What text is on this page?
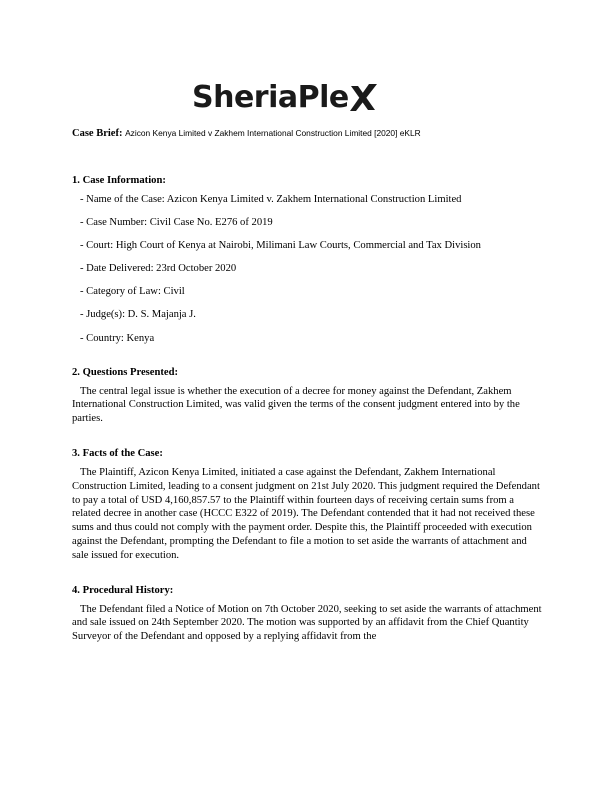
SheriaPle
Case Brief: Azicon Kenya Limited v Zakhem International Construction Limited [2020] eKLR
1. Case Information:
- Name of the Case: Azicon Kenya Limited v. Zakhem International Construction Limited
- Case Number: Civil Case No. E276 of 2019
- Court: High Court of Kenya at Nairobi, Milimani Law Courts, Commercial and Tax Division
- Date Delivered: 23rd October 2020
- Category of Law: Civil
- Judge(s): D. S. Majanja J.
- Country: Kenya
2. Questions Presented:

The central legal issue is whether the execution of a decree for money against the Defendant, Zakhem International Construction Limited, was valid given the terms of the consent judgment entered into by the parties.

3. Facts of the Case:

The Plaintiff, Azicon Kenya Limited, initiated a case against the Defendant, Zakhem International Construction Limited, leading to a consent judgment on 21st July 2020. This judgment required the Defendant to pay a total of USD 4,160,857.57 to the Plaintiff within fourteen days of receiving certain sums from a related decree in another case (HCCC E322 of 2019). The Defendant contended that it had not received these sums and thus could not comply with the payment order. Despite this, the Plaintiff proceeded with execution against the Defendant, prompting the Defendant to file a motion to set aside the warrants of attachment and sale issued for execution.

4. Procedural History:

The Defendant filed a Notice of Motion on 7th October 2020, seeking to set aside the warrants of attachment and sale issued on 24th September 2020. The motion was supported by an affidavit from the Chief Quantity Surveyor of the Defendant and opposed by a replying affidavit from the
